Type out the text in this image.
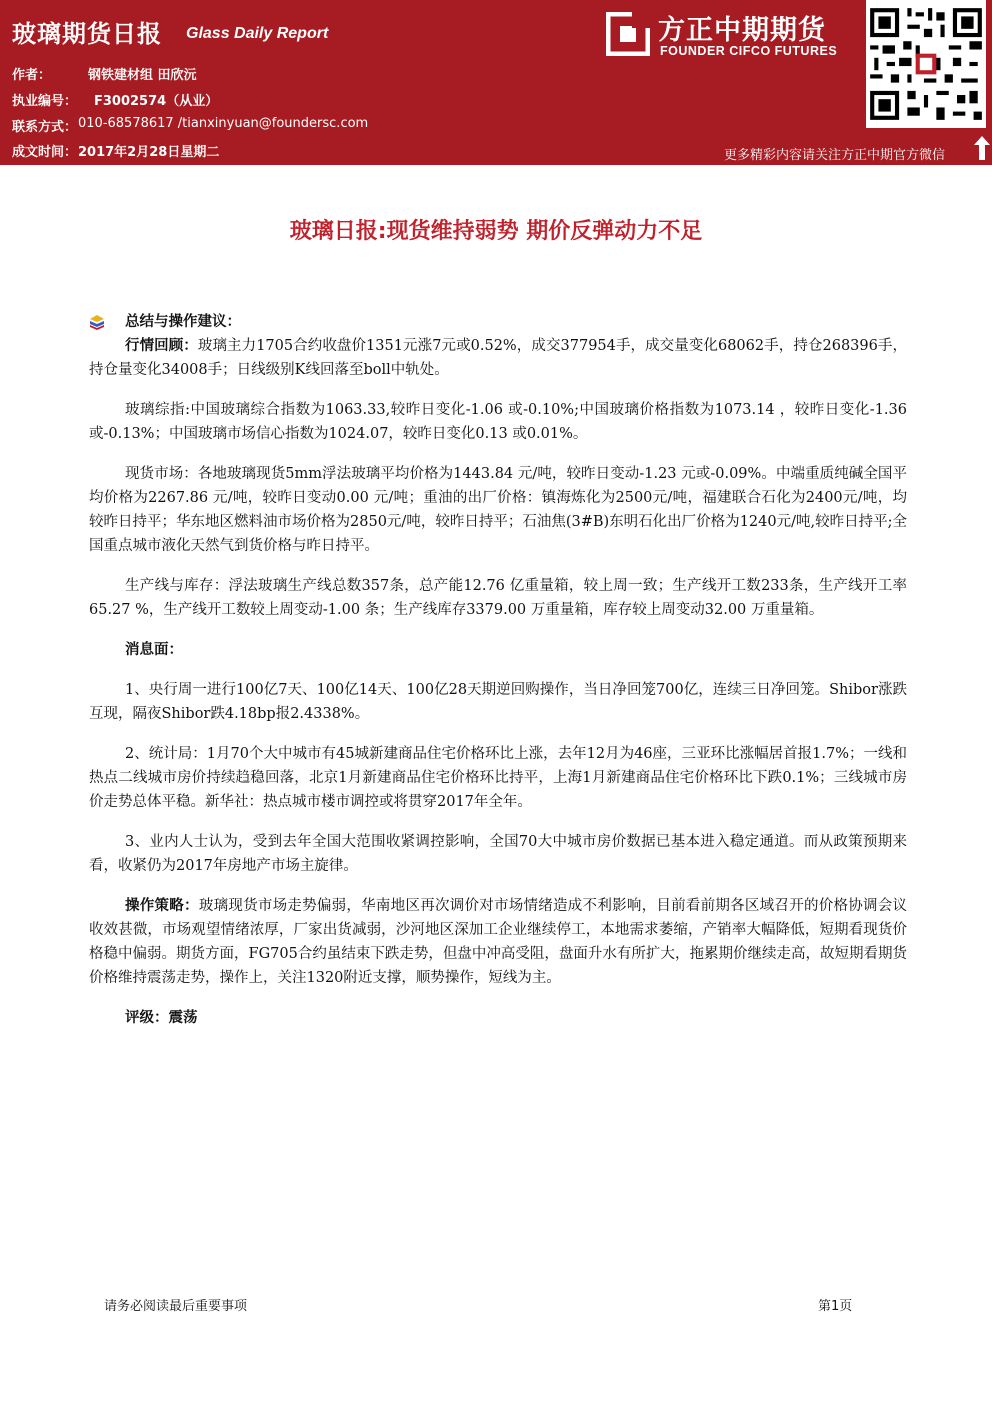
玻璃期货日报 Glass Daily Report
作者：	钢铁建材组 田欣沅
执业编号： F3002574（从业）
联系方式： 010-68578617 /tianxinyuan@foundersc.com
成文时间： 2017年2月28日星期二
方正中期期货
FOUNDER CIFCO FUTURES
更多精彩内容请关注方正中期官方微信
玻璃日报:现货维持弱势 期价反弹动力不足
总结与操作建议：

行情回顾：玻璃主力1705合约收盘价1351元涨7元或0.52%，成交377954手，成交量变化68062手，持仓268396手，持仓量变化34008手；日线级别K线回落至boll中轨处。

玻璃综指:中国玻璃综合指数为1063.33,较昨日变化-1.06 或-0.10%;中国玻璃价格指数为1073.14 ，较昨日变化-1.36 或-0.13%；中国玻璃市场信心指数为1024.07，较昨日变化0.13 或0.01%。

现货市场：各地玻璃现货5mm浮法玻璃平均价格为1443.84 元/吨，较昨日变动-1.23 元或-0.09%。中端重质纯碱全国平均价格为2267.86 元/吨，较昨日变动0.00 元/吨；重油的出厂价格：镇海炼化为2500元/吨，福建联合石化为2400元/吨，均较昨日持平；华东地区燃料油市场价格为2850元/吨，较昨日持平；石油焦(3#B)东明石化出厂价格为1240元/吨,较昨日持平;全国重点城市液化天然气到货价格与昨日持平。

生产线与库存：浮法玻璃生产线总数357条，总产能12.76 亿重量箱，较上周一致；生产线开工数233条，生产线开工率65.27 %，生产线开工数较上周变动-1.00 条；生产线库存3379.00 万重量箱，库存较上周变动32.00 万重量箱。

消息面：

1、央行周一进行100亿7天、100亿14天、100亿28天期逆回购操作，当日净回笼700亿，连续三日净回笼。Shibor涨跌互现，隔夜Shibor跌4.18bp报2.4338%。

2、统计局：1月70个大中城市有45城新建商品住宅价格环比上涨，去年12月为46座，三亚环比涨幅居首报1.7%；一线和热点二线城市房价持续趋稳回落，北京1月新建商品住宅价格环比持平，上海1月新建商品住宅价格环比下跌0.1%；三线城市房价走势总体平稳。新华社：热点城市楼市调控或将贯穿2017年全年。

3、业内人士认为，受到去年全国大范围收紧调控影响，全国70大中城市房价数据已基本进入稳定通道。而从政策预期来看，收紧仍为2017年房地产市场主旋律。

操作策略：玻璃现货市场走势偏弱，华南地区再次调价对市场情绪造成不利影响，目前看前期各区域召开的价格协调会议收效甚微，市场观望情绪浓厚，厂家出货减弱，沙河地区深加工企业继续停工，本地需求萎缩，产销率大幅降低，短期看现货价格稳中偏弱。期货方面，FG705合约虽结束下跌走势，但盘中冲高受阻，盘面升水有所扩大，拖累期价继续走高，故短期看期货价格维持震荡走势，操作上，关注1320附近支撑，顺势操作，短线为主。

评级：震荡
请务必阅读最后重要事项	第1页
